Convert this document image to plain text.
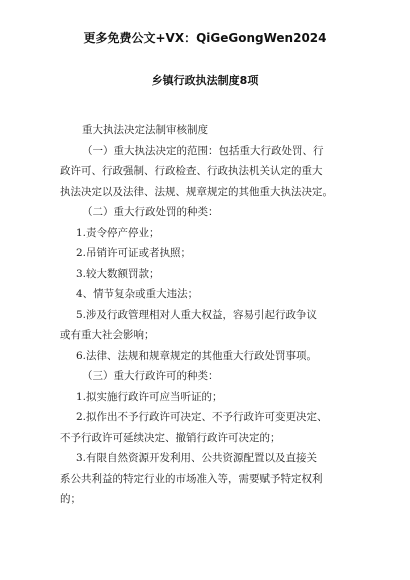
更多免费公文+VX：QiGeGongWen2024
乡镇行政执法制度8项
重大执法决定法制审核制度
（一）重大执法决定的范围：包括重大行政处罚、行
政许可、行政强制、行政检查、行政执法机关认定的重大
执法决定以及法律、法规、规章规定的其他重大执法决定。
（二）重大行政处罚的种类：
1.责令停产停业；
2.吊销许可证或者执照；
3.较大数额罚款；
4、情节复杂或重大违法；
5.涉及行政管理相对人重大权益，容易引起行政争议
或有重大社会影响；
6.法律、法规和规章规定的其他重大行政处罚事项。
（三）重大行政许可的种类：
1.拟实施行政许可应当听证的；
2.拟作出不予行政许可决定、不予行政许可变更决定、
不予行政许可延续决定、撤销行政许可决定的；
3.有限自然资源开发利用、公共资源配置以及直接关
系公共利益的特定行业的市场准入等，需要赋予特定权利
的；
